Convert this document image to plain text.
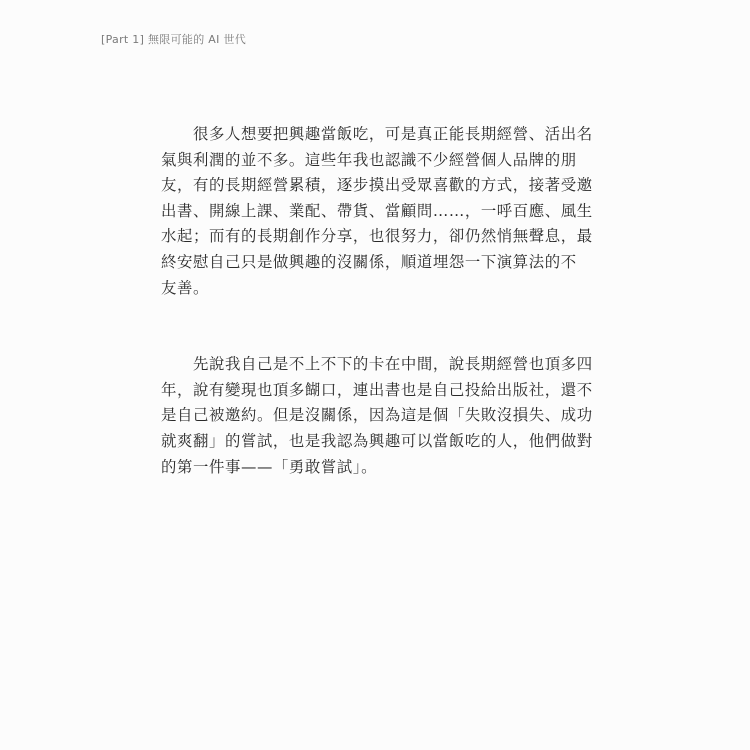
[Part 1] 無限可能的 AI 世代

　　很多人想要把興趣當飯吃，可是真正能長期經營、活出名
氣與利潤的並不多。這些年我也認識不少經營個人品牌的朋
友，有的長期經營累積，逐步摸出受眾喜歡的方式，接著受邀
出書、開線上課、業配、帶貨、當顧問……，一呼百應、風生
水起；而有的長期創作分享，也很努力，卻仍然悄無聲息，最
終安慰自己只是做興趣的沒關係，順道埋怨一下演算法的不
友善。

　　先說我自己是不上不下的卡在中間，說長期經營也頂多四
年，說有變現也頂多餬口，連出書也是自己投給出版社，還不
是自己被邀約。但是沒關係，因為這是個「失敗沒損失、成功
就爽翻」的嘗試，也是我認為興趣可以當飯吃的人，他們做對
的第一件事——「勇敢嘗試」。
